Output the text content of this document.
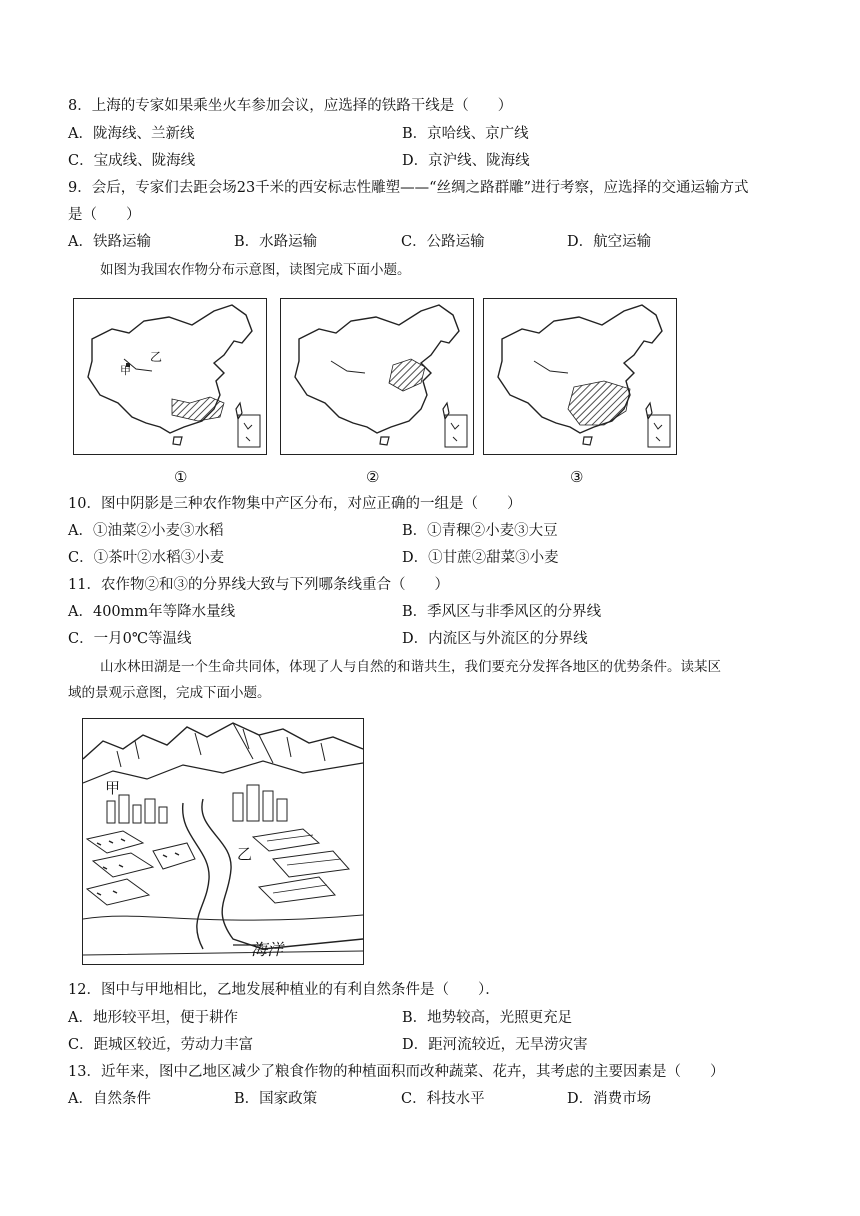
8．上海的专家如果乘坐火车参加会议，应选择的铁路干线是（　　）
A．陇海线、兰新线	B．京哈线、京广线
C．宝成线、陇海线	D．京沪线、陇海线
9．会后，专家们去距会场23千米的西安标志性雕塑——“丝绸之路群雕”进行考察，应选择的交通运输方式
是（　　）
A．铁路运输	B．水路运输	C．公路运输	D．航空运输
如图为我国农作物分布示意图，读图完成下面小题。
乙
甲
①	②	③
10．图中阴影是三种农作物集中产区分布，对应正确的一组是（　　）
A．①油菜②小麦③水稻	B．①青稞②小麦③大豆
C．①茶叶②水稻③小麦	D．①甘蔗②甜菜③小麦
11．农作物②和③的分界线大致与下列哪条线重合（　　）
A．400mm年等降水量线	B．季风区与非季风区的分界线
C．一月0℃等温线	D．内流区与外流区的分界线
山水林田湖是一个生命共同体，体现了人与自然的和谐共生，我们要充分发挥各地区的优势条件。读某区
域的景观示意图，完成下面小题。
甲
乙
海洋
12．图中与甲地相比，乙地发展种植业的有利自然条件是（　　）．
A．地形较平坦，便于耕作	B．地势较高，光照更充足
C．距城区较近，劳动力丰富	D．距河流较近，无旱涝灾害
13．近年来，图中乙地区减少了粮食作物的种植面积而改种蔬菜、花卉，其考虑的主要因素是（　　）
A．自然条件	B．国家政策	C．科技水平	D．消费市场
